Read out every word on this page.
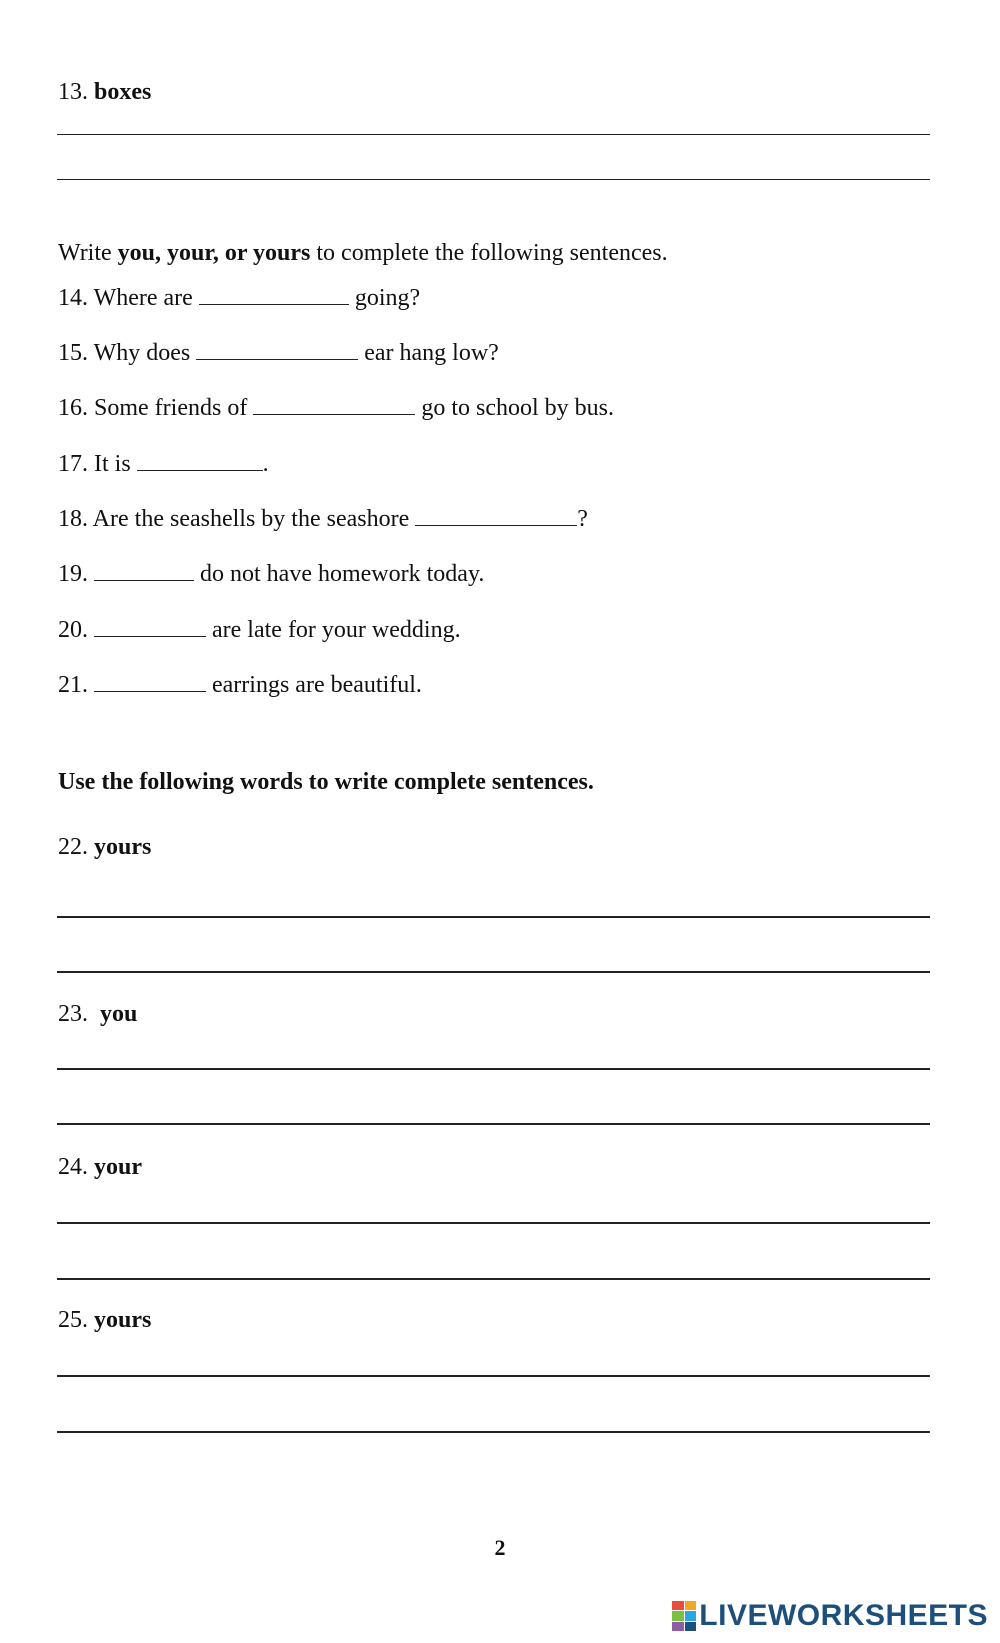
13. boxes
Write you, your, or yours to complete the following sentences.
14. Where are	going?
15. Why does	ear hang low?
16. Some friends of	go to school by bus.
17. It is	.
18. Are the seashells by the seashore	?
19.	do not have homework today.
20.	are late for your wedding.
21.	earrings are beautiful.
Use the following words to write complete sentences.
22. yours
23. you
24. your
25. yours
2
LIVEWORKSHEETS
